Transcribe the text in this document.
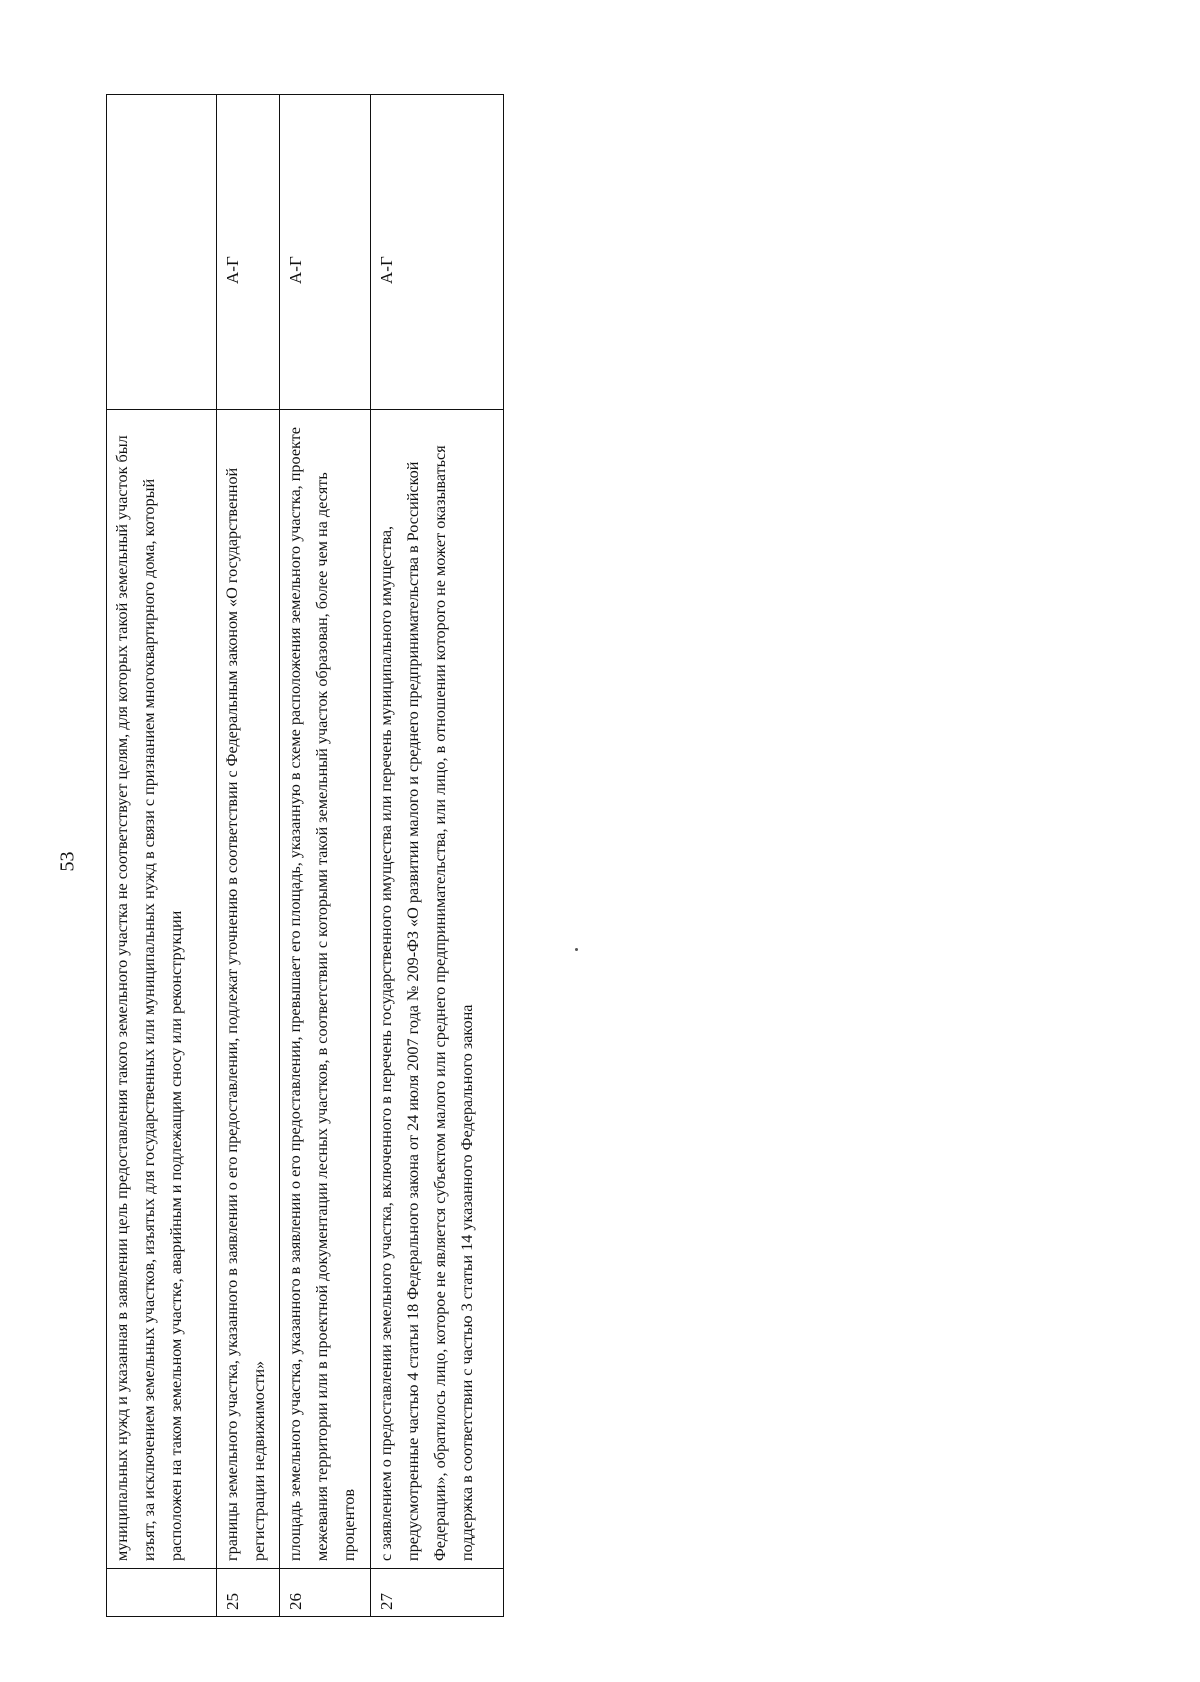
53
	муниципальных нужд и указанная в заявлении цель предоставления такого земельного участка не соответствует целям, для которых такой земельный участок был изъят, за исключением земельных участков, изъятых для государственных или муниципальных нужд в связи с признанием многоквартирного дома, который расположен на таком земельном участке, аварийным и подлежащим сносу или реконструкции	
25	границы земельного участка, указанного в заявлении о его предоставлении, подлежат уточнению в соответствии с Федеральным законом «О государственной регистрации недвижимости»	А-Г
26	площадь земельного участка, указанного в заявлении о его предоставлении, превышает его площадь, указанную в схеме расположения земельного участка, проекте межевания территории или в проектной документации лесных участков, в соответствии с которыми такой земельный участок образован, более чем на десять процентов	А-Г
27	с заявлением о предоставлении земельного участка, включенного в перечень государственного имущества или перечень муниципального имущества, предусмотренные частью 4 статьи 18 Федерального закона от 24 июля 2007 года № 209-ФЗ «О развитии малого и среднего предпринимательства в Российской Федерации», обратилось лицо, которое не является субъектом малого или среднего предпринимательства, или лицо, в отношении которого не может оказываться поддержка в соответствии с частью 3 статьи 14 указанного Федерального закона	А-Г
